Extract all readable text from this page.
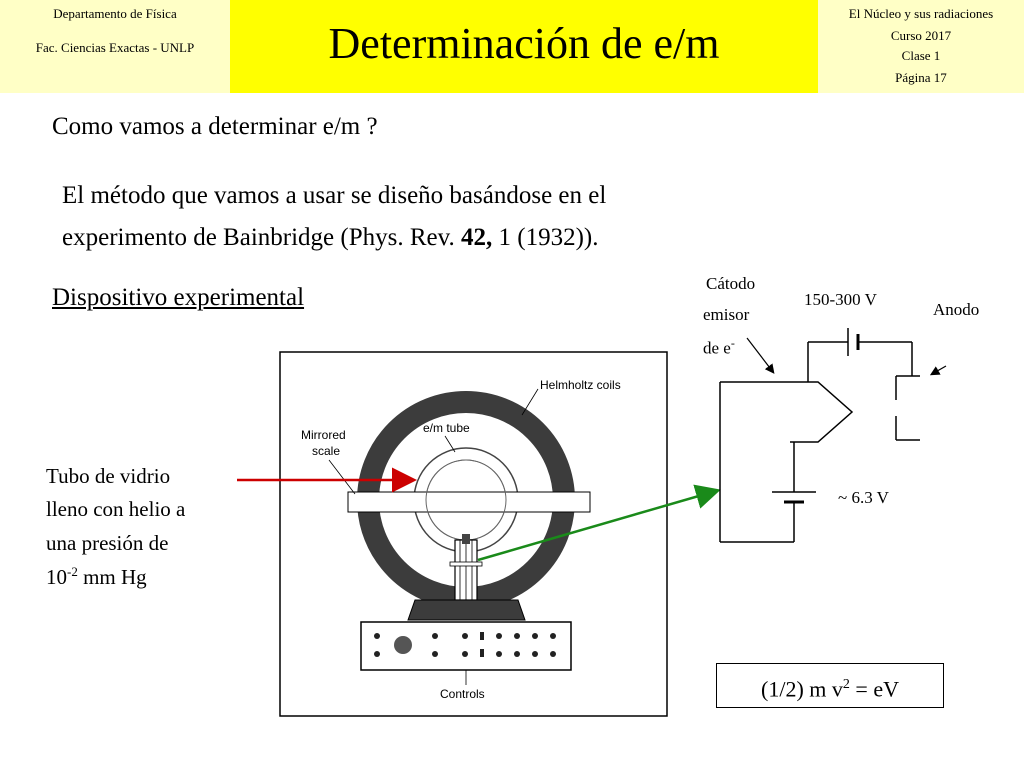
Departamento de Física
Fac. Ciencias Exactas - UNLP	Determinación de e/m
El Núcleo y sus radiaciones
Curso 2017
Clase 1
Página 17
Como vamos a determinar e/m ?
El método que vamos a usar se diseño basándose en el
experimento de Bainbridge (Phys. Rev. 42, 1 (1932)).
Dispositivo experimental
Tubo de vidrio
lleno con helio a
una presión de
$10^{-2}$ mm Hg
Cátodo
emisor
de e-
150-300 V
Anodo
~ 6.3 V
(1/2) m $v^2$ = eV
Helmholtz coils
e/m tube
Mirrored
scale
Controls
